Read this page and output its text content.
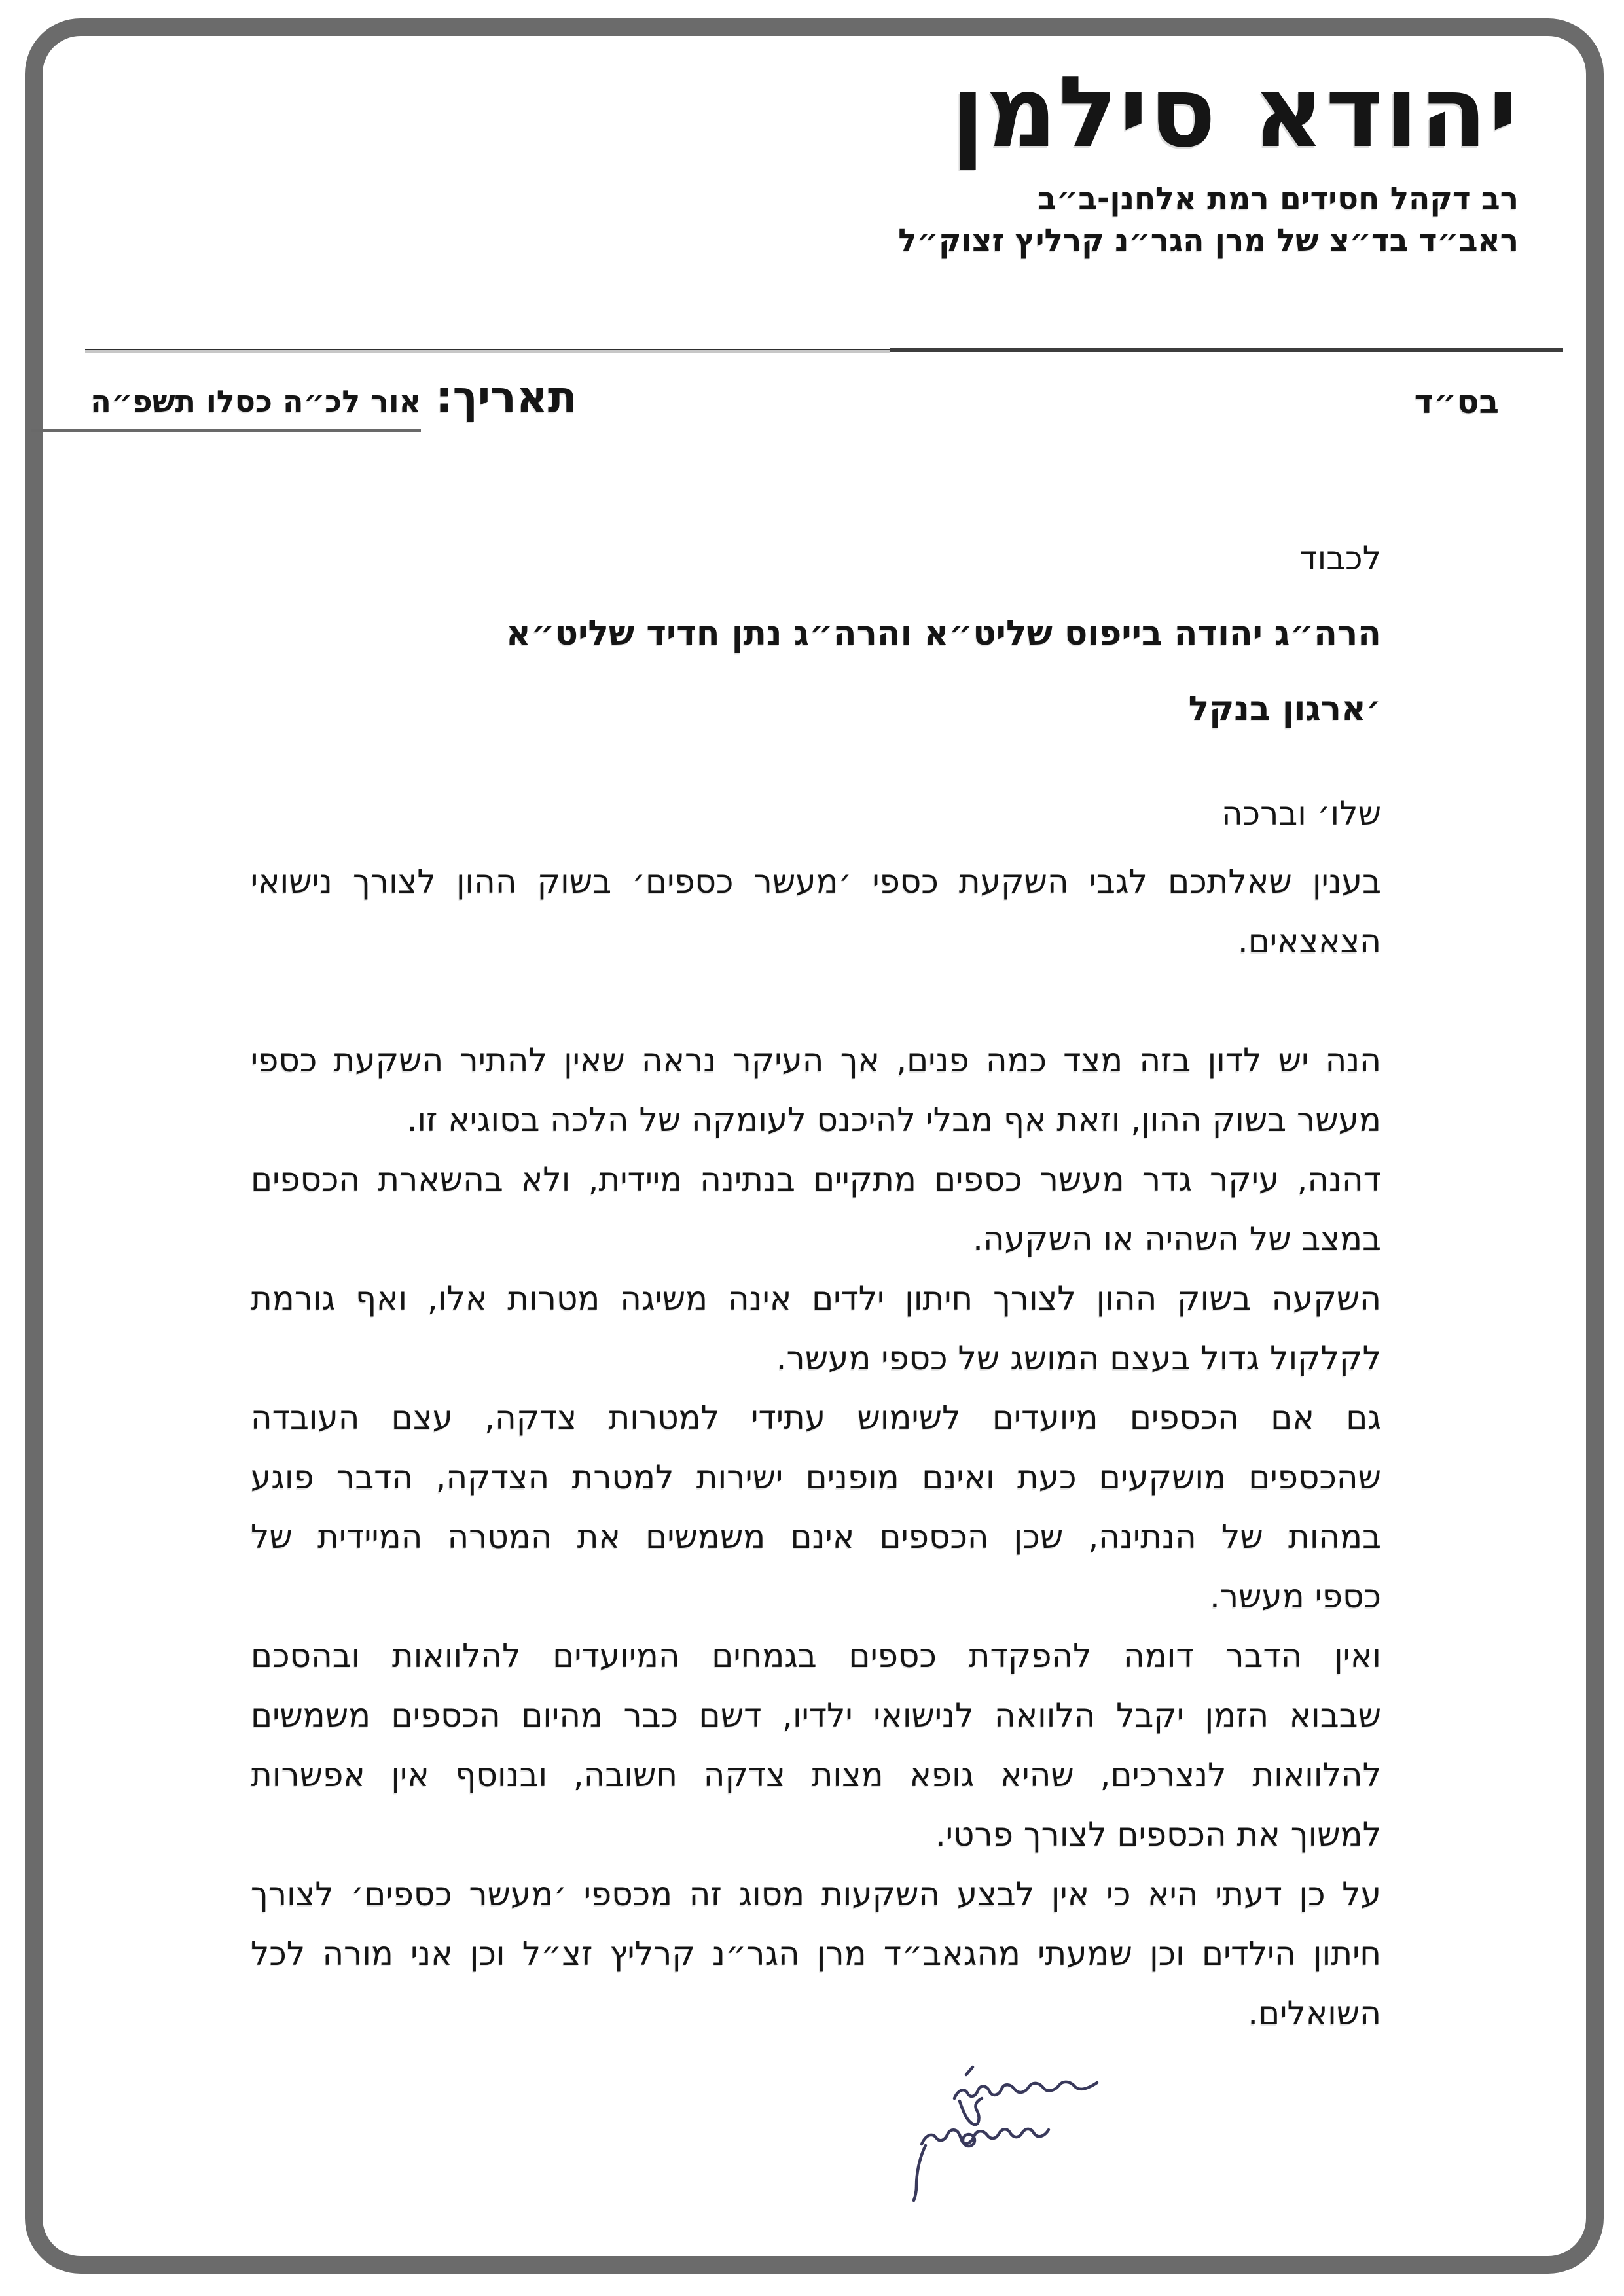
יהודא סילמן
רב דקהל חסידים רמת אלחנן-ב״ב
ראב״ד בד״צ של מרן הגר״נ קרליץ זצוק״ל
בס״ד
תאריך:
אור לכ״ה כסלו תשפ״ה
לכבוד
הרה״ג יהודה בייפוס שליט״א והרה״ג נתן חדיד שליט״א
׳ארגון בנקל
שלו׳ וברכה
בענין שאלתכם לגבי השקעת כספי ׳מעשר כספים׳ בשוק ההון לצורך נישואי
הצאצאים.
הנה יש לדון בזה מצד כמה פנים, אך העיקר נראה שאין להתיר השקעת כספי
מעשר בשוק ההון, וזאת אף מבלי להיכנס לעומקה של הלכה בסוגיא זו.
דהנה, עיקר גדר מעשר כספים מתקיים בנתינה מיידית, ולא בהשארת הכספים
במצב של השהיה או השקעה.
השקעה בשוק ההון לצורך חיתון ילדים אינה משיגה מטרות אלו, ואף גורמת
לקלקול גדול בעצם המושג של כספי מעשר.
גם אם הכספים מיועדים לשימוש עתידי למטרות צדקה, עצם העובדה
שהכספים מושקעים כעת ואינם מופנים ישירות למטרת הצדקה, הדבר פוגע
במהות של הנתינה, שכן הכספים אינם משמשים את המטרה המיידית של
כספי מעשר.
ואין הדבר דומה להפקדת כספים בגמחים המיועדים להלוואות ובהסכם
שבבוא הזמן יקבל הלוואה לנישואי ילדיו, דשם כבר מהיום הכספים משמשים
להלוואות לנצרכים, שהיא גופא מצות צדקה חשובה, ובנוסף אין אפשרות
למשוך את הכספים לצורך פרטי.
על כן דעתי היא כי אין לבצע השקעות מסוג זה מכספי ׳מעשר כספים׳ לצורך
חיתון הילדים וכן שמעתי מהגאב״ד מרן הגר״נ קרליץ זצ״ל וכן אני מורה לכל
השואלים.
